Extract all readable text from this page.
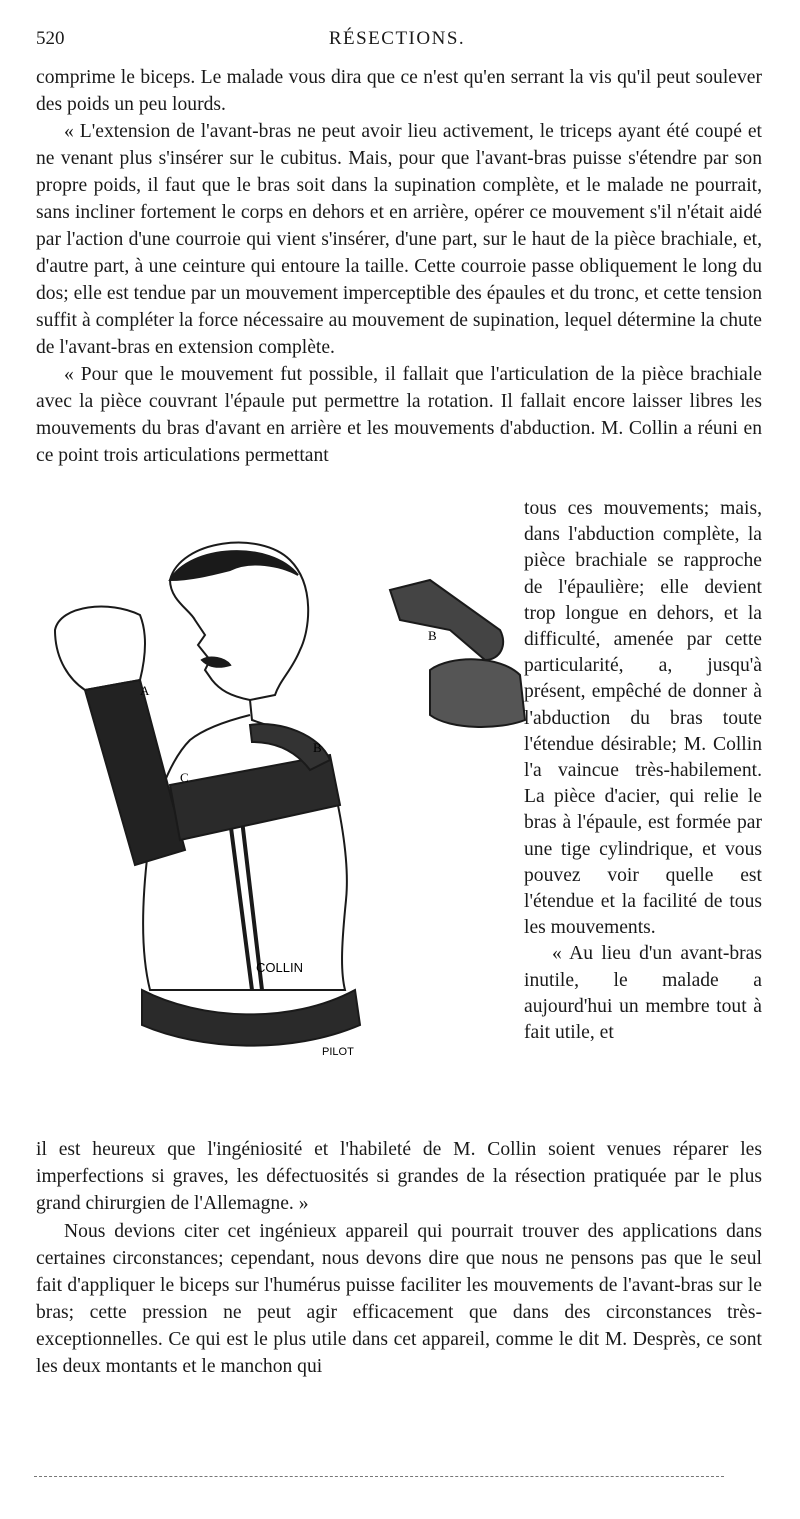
520	RÉSECTIONS.

comprime le biceps. Le malade vous dira que ce n'est qu'en serrant la vis qu'il peut soulever des poids un peu lourds.

« L'extension de l'avant-bras ne peut avoir lieu activement, le triceps ayant été coupé et ne venant plus s'insérer sur le cubitus. Mais, pour que l'avant-bras puisse s'étendre par son propre poids, il faut que le bras soit dans la supination complète, et le malade ne pourrait, sans incliner fortement le corps en dehors et en arrière, opérer ce mouvement s'il n'était aidé par l'action d'une courroie qui vient s'insérer, d'une part, sur le haut de la pièce brachiale, et, d'autre part, à une ceinture qui entoure la taille. Cette courroie passe obliquement le long du dos; elle est tendue par un mouvement imperceptible des épaules et du tronc, et cette tension suffit à compléter la force nécessaire au mouvement de supination, lequel détermine la chute de l'avant-bras en extension complète.

« Pour que le mouvement fut possible, il fallait que l'articulation de la pièce brachiale avec la pièce couvrant l'épaule put permettre la rotation. Il fallait encore laisser libres les mouvements du bras d'avant en arrière et les mouvements d'abduction. M. Collin a réuni en ce point trois articulations permettant

A
C
B
B
COLLIN
PILOT

tous ces mouvements; mais, dans l'abduction complète, la pièce brachiale se rapproche de l'épaulière; elle devient trop longue en dehors, et la difficulté, amenée par cette particularité, a, jusqu'à présent, empêché de donner à l'abduction du bras toute l'étendue désirable; M. Collin l'a vaincue très-habilement. La pièce d'acier, qui relie le bras à l'épaule, est formée par une tige cylindrique, et vous pouvez voir quelle est l'étendue et la facilité de tous les mouvements.

« Au lieu d'un avant-bras inutile, le malade a aujourd'hui un membre tout à fait utile, et

il est heureux que l'ingéniosité et l'habileté de M. Collin soient venues réparer les imperfections si graves, les défectuosités si grandes de la résection pratiquée par le plus grand chirurgien de l'Allemagne. »

Nous devions citer cet ingénieux appareil qui pourrait trouver des applications dans certaines circonstances; cependant, nous devons dire que nous ne pensons pas que le seul fait d'appliquer le biceps sur l'humérus puisse faciliter les mouvements de l'avant-bras sur le bras; cette pression ne peut agir efficacement que dans des circonstances très-exceptionnelles. Ce qui est le plus utile dans cet appareil, comme le dit M. Desprès, ce sont les deux montants et le manchon qui
